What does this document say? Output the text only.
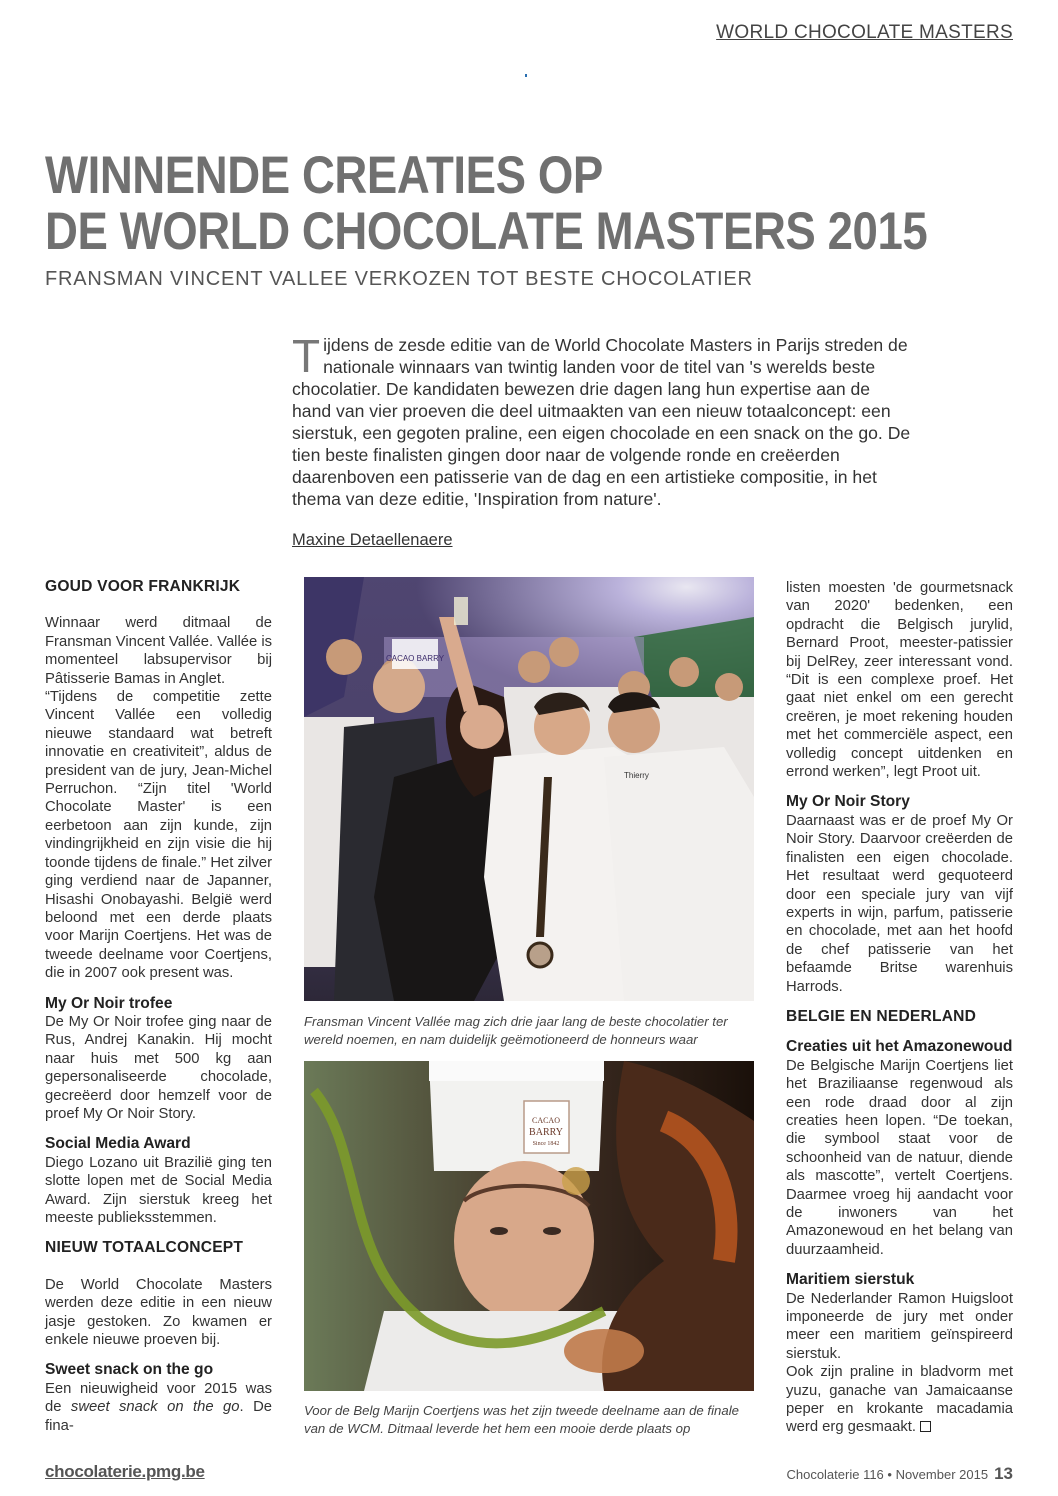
WORLD CHOCOLATE MASTERS
WINNENDE CREATIES OP
DE WORLD CHOCOLATE MASTERS 2015
FRANSMAN VINCENT VALLEE VERKOZEN TOT BESTE CHOCOLATIER
Tijdens de zesde editie van de World Chocolate Masters in Parijs streden de nationale winnaars van twintig landen voor de titel van 's werelds beste chocolatier. De kandidaten bewezen drie dagen lang hun expertise aan de hand van vier proeven die deel uitmaakten van een nieuw totaalconcept: een sierstuk, een gegoten praline, een eigen chocolade en een snack on the go. De tien beste finalisten gingen door naar de volgende ronde en creëerden daarenboven een patisserie van de dag en een artistieke compositie, in het thema van deze editie, 'Inspiration from nature'.
Maxine Detaellenaere
GOUD VOOR FRANKRIJK

Winnaar werd ditmaal de Fransman Vincent Vallée. Vallée is momenteel labsupervisor bij Pâtisserie Bamas in Anglet.

“Tijdens de competitie zette Vincent Vallée een volledig nieuwe standaard wat betreft innovatie en creativiteit”, aldus de president van de jury, Jean-Michel Perruchon. “Zijn titel 'World Chocolate Master' is een eerbetoon aan zijn kunde, zijn vindingrijkheid en zijn visie die hij toonde tijdens de finale.” Het zilver ging verdiend naar de Japanner, Hisashi Onobayashi. België werd beloond met een derde plaats voor Marijn Coertjens. Het was de tweede deelname voor Coertjens, die in 2007 ook present was.

My Or Noir trofee

De My Or Noir trofee ging naar de Rus, Andrej Kanakin. Hij mocht naar huis met 500 kg aan gepersonaliseerde chocolade, gecreëerd door hemzelf voor de proef My Or Noir Story.

Social Media Award

Diego Lozano uit Brazilië ging ten slotte lopen met de Social Media Award. Zijn sierstuk kreeg het meeste publieksstemmen.

NIEUW TOTAALCONCEPT

De World Chocolate Masters werden deze editie in een nieuw jasje gestoken. Zo kwamen er enkele nieuwe proeven bij.

Sweet snack on the go

Een nieuwigheid voor 2015 was de sweet snack on the go. De fina-

CACAO BARRY
Thierry
Fransman Vincent Vallée mag zich drie jaar lang de beste chocolatier ter wereld noemen, en nam duidelijk geëmotioneerd de honneurs waar
CACAO
BARRY
Since 1842
Voor de Belg Marijn Coertjens was het zijn tweede deelname aan de finale van de WCM. Ditmaal leverde het hem een mooie derde plaats op

listen moesten 'de gourmetsnack van 2020' bedenken, een opdracht die Belgisch jurylid, Bernard Proot, meester-patissier bij DelRey, zeer interessant vond. “Dit is een complexe proef. Het gaat niet enkel om een gerecht creëren, je moet rekening houden met het commerciële aspect, een volledig concept uitdenken en errond werken”, legt Proot uit.

My Or Noir Story

Daarnaast was er de proef My Or Noir Story. Daarvoor creëerden de finalisten een eigen chocolade. Het resultaat werd gequoteerd door een speciale jury van vijf experts in wijn, parfum, patisserie en chocolade, met aan het hoofd de chef patisserie van het befaamde Britse warenhuis Harrods.

BELGIE EN NEDERLAND
Creaties uit het Amazonewoud

De Belgische Marijn Coertjens liet het Braziliaanse regenwoud als een rode draad door al zijn creaties heen lopen. “De toekan, die symbool staat voor de schoonheid van de natuur, diende als mascotte”, vertelt Coertjens. Daarmee vroeg hij aandacht voor de inwoners van het Amazonewoud en het belang van duurzaamheid.

Maritiem sierstuk

De Nederlander Ramon Huigsloot imponeerde de jury met onder meer een maritiem geïnspireerd sierstuk.

Ook zijn praline in bladvorm met yuzu, ganache van Jamaicaanse peper en krokante macadamia werd erg gesmaakt.

chocolaterie.pmg.be	Chocolaterie 116 • November 2015 13
